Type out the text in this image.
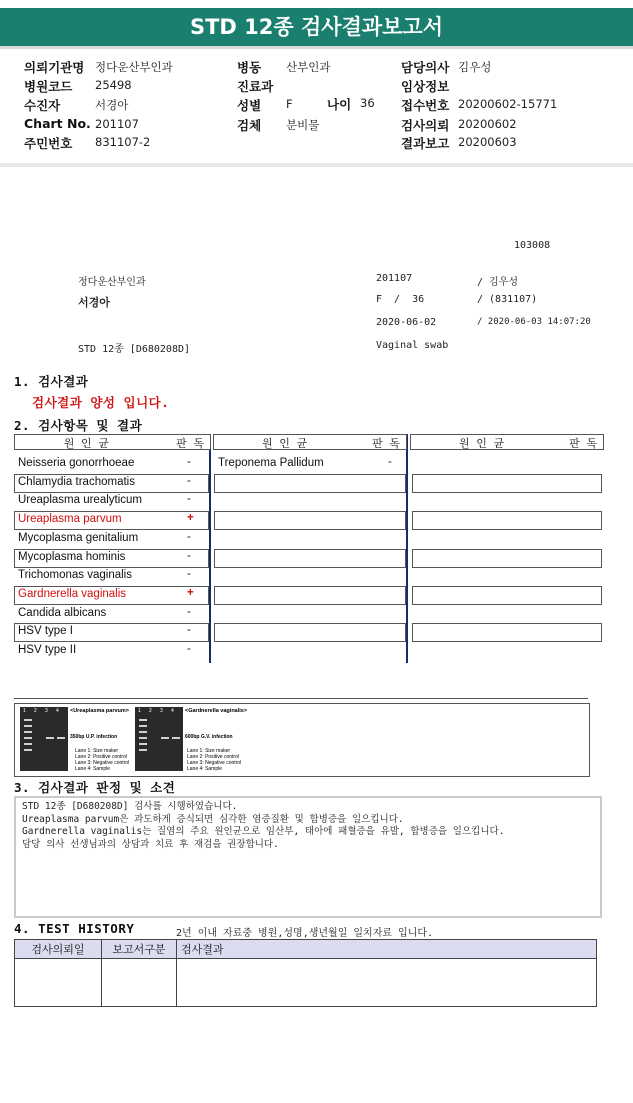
STD 12종 검사결과보고서
나이 36
103008
정다운산부인과	201107	/ 김우성
서경아	F  /  36	/ (831107)
2020-06-02	/ 2020-06-03 14:07:20
STD 12종 [D680208D]	Vaginal swab
1. 검사결과
검사결과 양성 입니다.
2. 검사항목 및 결과
1 2 3 4 <Ureaplasma parvum>
350bp U.P. infection
Lane 1: Size maker
Lane 2: Positive control
Lane 3: Negative control
Lane 4: Sample
1 2 3 4 <Gardnerella vaginalis>
600bp G.V. infection
Lane 1: Size maker
Lane 2: Positive control
Lane 3: Negative control
Lane 4: Sample
3. 검사결과 판정 및 소견
STD 12종 [D680208D] 검사를 시행하였습니다.
Ureaplasma parvum은 과도하게 증식되면 심각한 염증질환 및 합병증을 일으킵니다.
Gardnerella vaginalis는 질염의 주요 원인균으로 임산부, 태아에 패혈증을 유발, 합병증을 일으킵니다.
담당 의사 선생님과의 상담과 치료 후 재검을 권장합니다.
4. TEST HISTORY	2년 이내 자료중 병원,성명,생년월일 일치자료 입니다.
검사의뢰일	보고서구분	검사결과

의뢰기관명 정다운산부인과
병원코드 25498
수진자	서경아
Chart No. 201107
주민번호 831107-2
병동 산부인과
진료과
성별 F
검체 분비물
담당의사 김우성
임상정보
접수번호 20200602-15771
검사의뢰 20200602
결과보고 20200603
원 인 균	판 독	원 인 균	판 독	원 인 균	판 독
Neisseria gonorrhoeae	-
Chlamydia trachomatis	-
Ureaplasma urealyticum	-
Ureaplasma parvum	+
Mycoplasma genitalium	-
Mycoplasma hominis	-
Trichomonas vaginalis	-
Gardnerella vaginalis	+
Candida albicans	-
HSV type I	-
HSV type II	-
Treponema Pallidum	-
